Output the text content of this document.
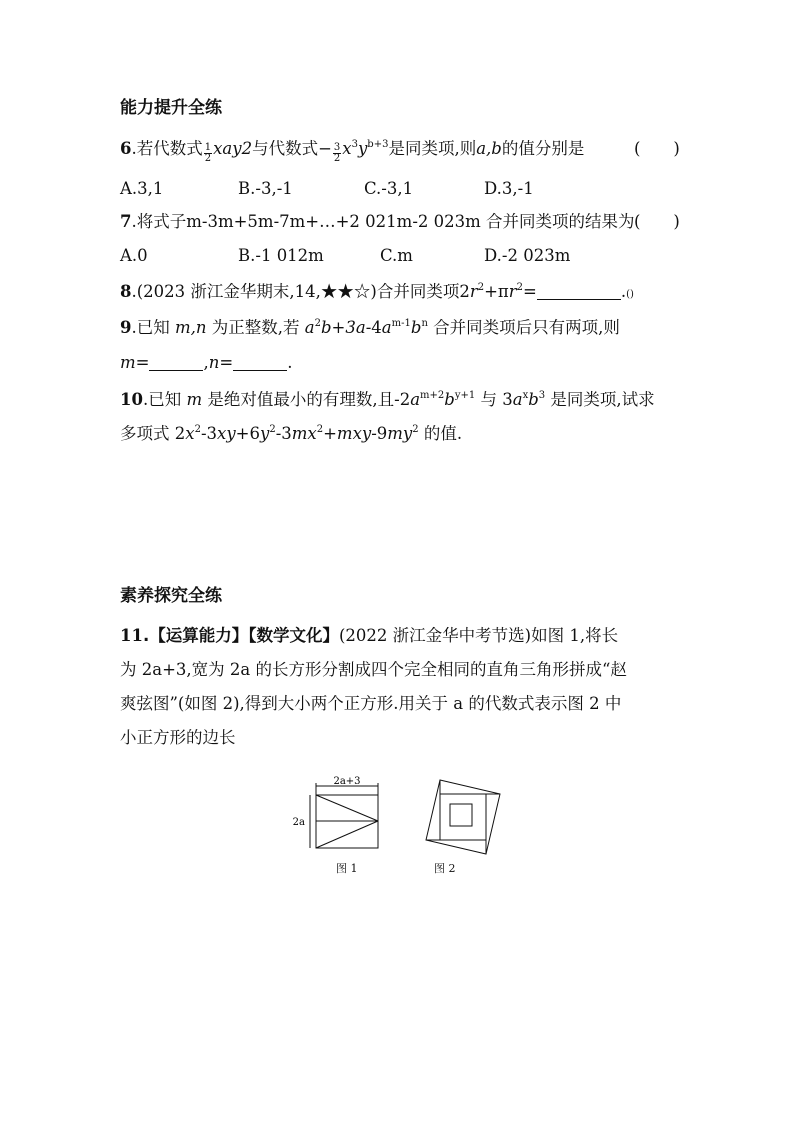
能力提升全练
6.若代数式 $\frac{1}{2} xay2$与代数式− $\frac{3}{2} x^3y^{b+3}$是同类项,则a,b的值分别是	(　　)
A.3,1	B.-3,-1	C.-3,1	D.3,-1
7.将式子m-3m+5m-7m+…+2 021m-2 023m 合并同类项的结果为 (　　)
A.0	B.-1 012m	C.m	D.-2 023m
8.(2023 浙江金华期末,14,★★☆)合并同类项$2r^2+\pi r^2=$	.()
9.已知 m,n 为正整数,若 $a^2b+3a-4a^{m-1}b^n$ 合并同类项后只有两项,则
m=	,n=	.
10.已知 m 是绝对值最小的有理数,且$-2a^{m+2}b^{y+1}$ 与 $3a^xb^3$ 是同类项,试求
多项式 $2x^2-3xy+6y^2-3mx^2+mxy-9my^2$ 的值.
素养探究全练
11.【运算能力】【数学文化】(2022 浙江金华中考节选)如图 1,将长
为 2a+3,宽为 2a 的长方形分割成四个完全相同的直角三角形拼成“赵
爽弦图”(如图 2),得到大小两个正方形.用关于 a 的代数式表示图 2 中
小正方形的边长
2a+3
2a
图 1	图 2
